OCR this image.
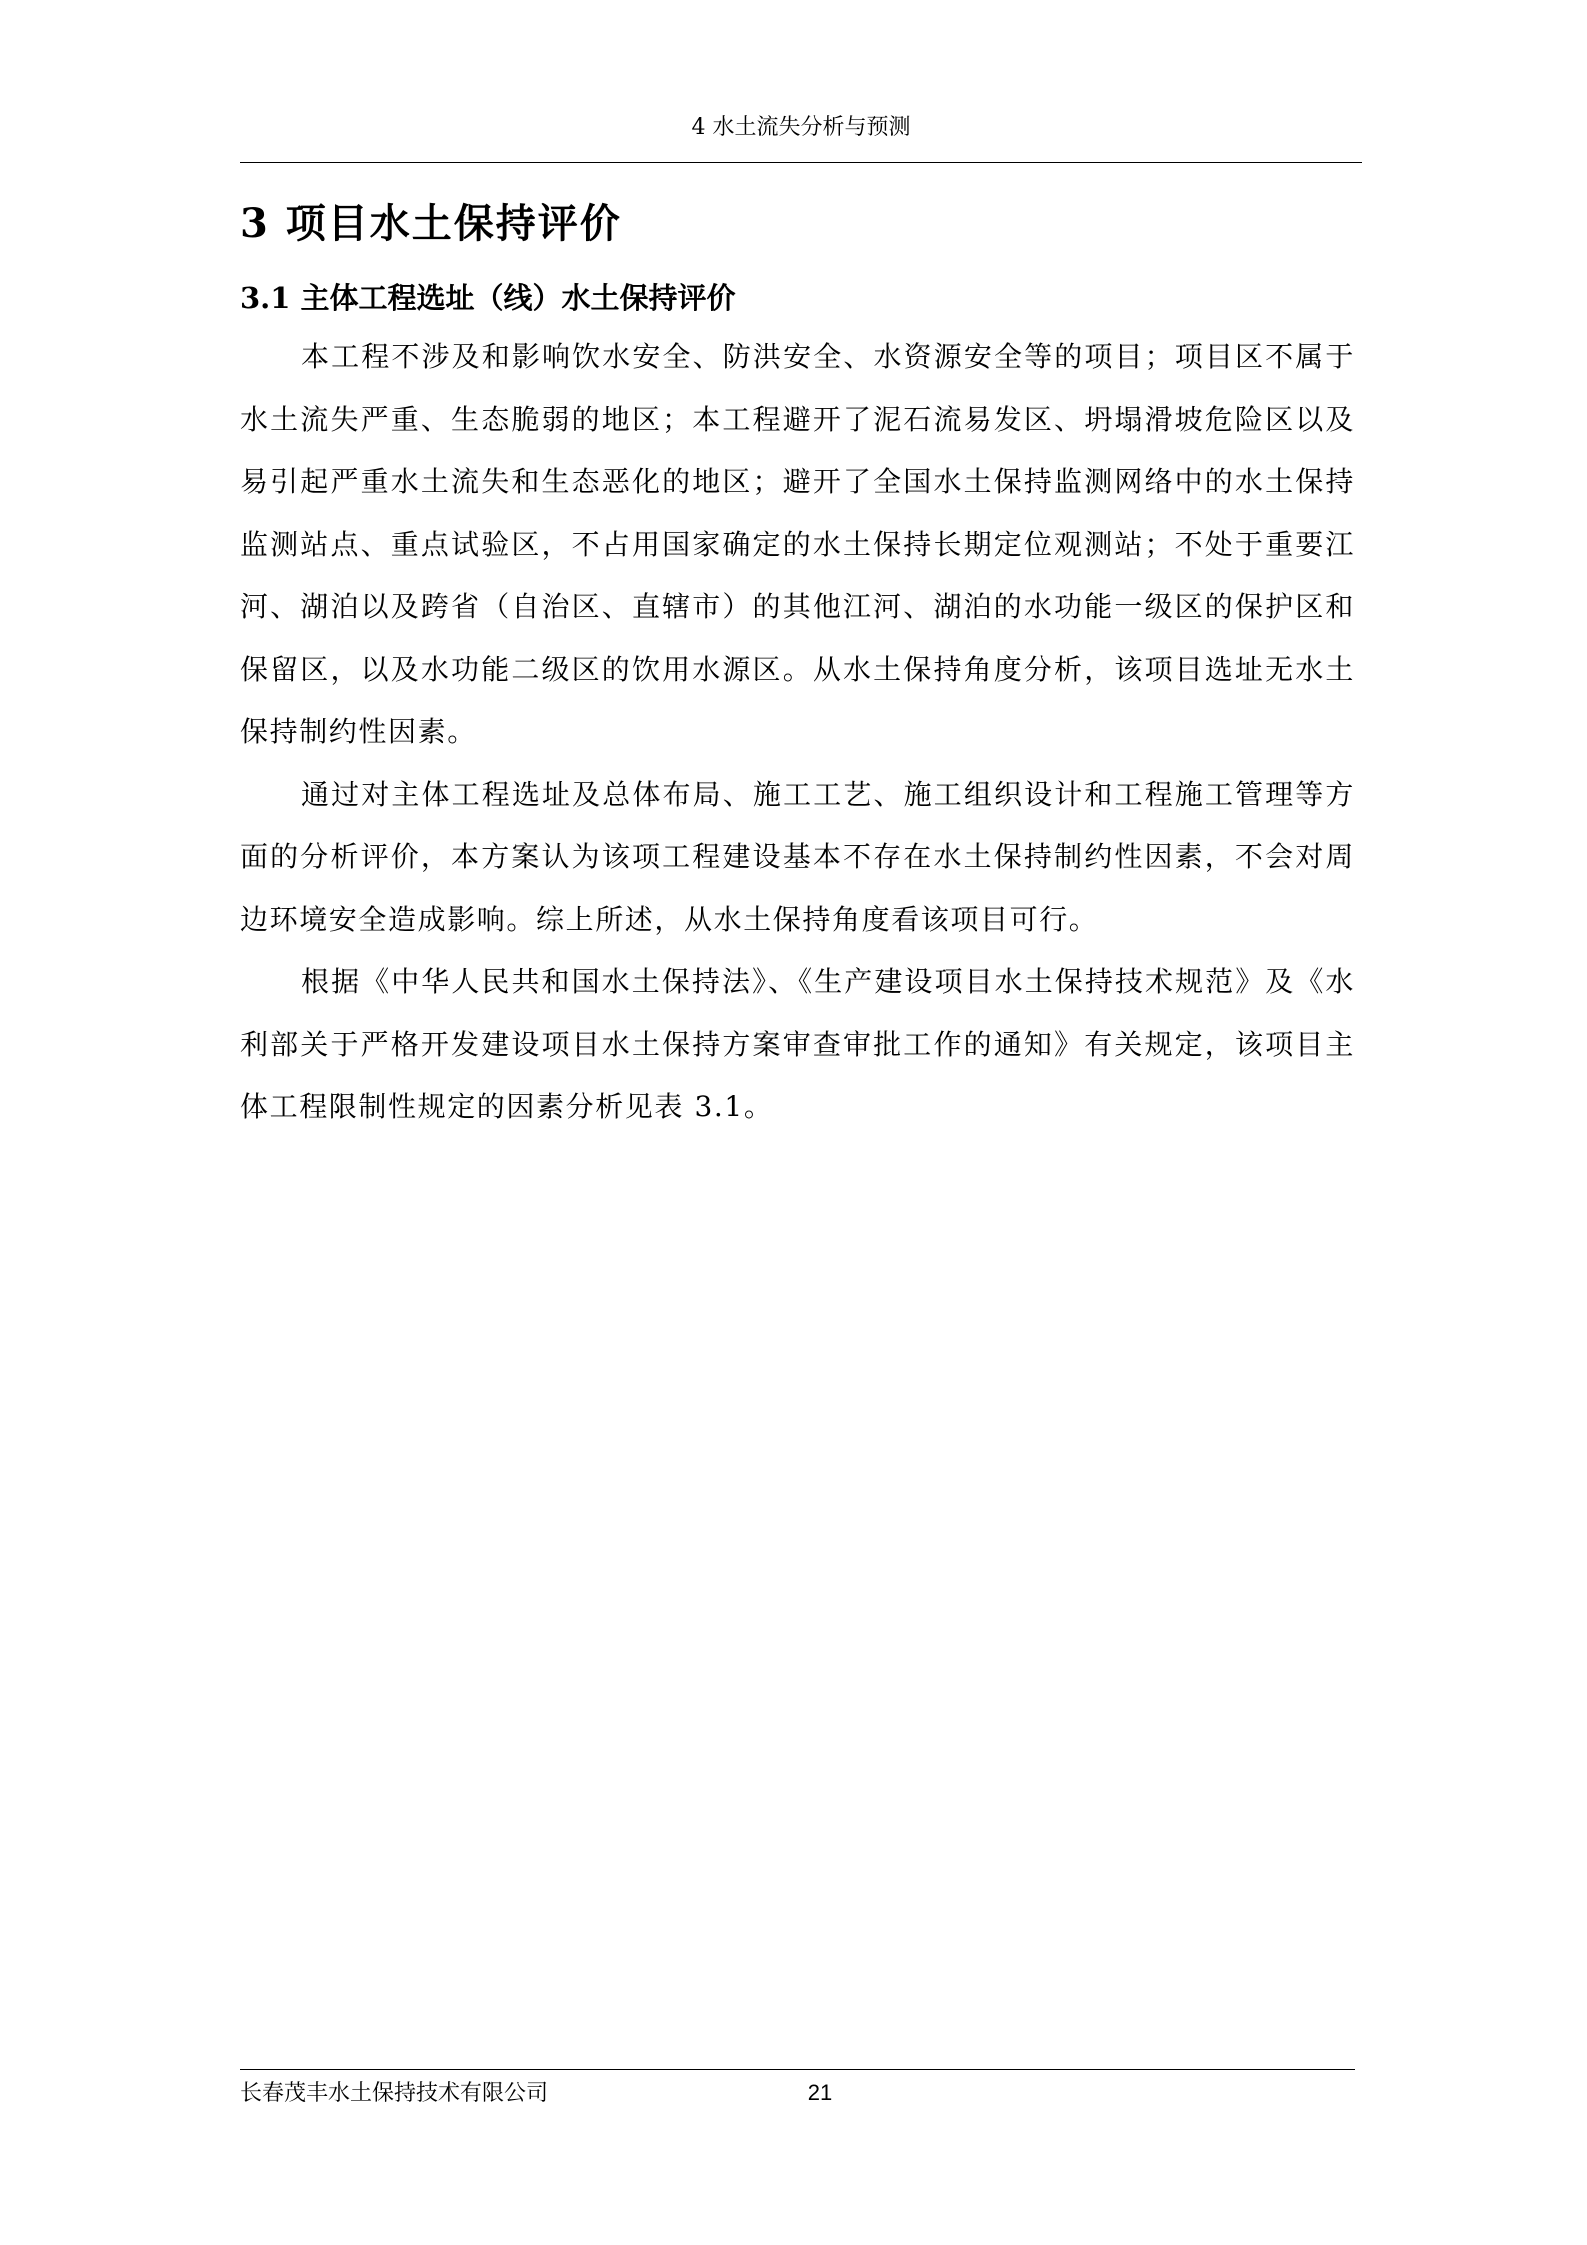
4 水土流失分析与预测
3 项目水土保持评价
3.1 主体工程选址（线）水土保持评价

本工程不涉及和影响饮水安全、防洪安全、水资源安全等的项目；项目区不属于水土流失严重、生态脆弱的地区；本工程避开了泥石流易发区、坍塌滑坡危险区以及易引起严重水土流失和生态恶化的地区；避开了全国水土保持监测网络中的水土保持监测站点、重点试验区，不占用国家确定的水土保持长期定位观测站；不处于重要江河、湖泊以及跨省（自治区、直辖市）的其他江河、湖泊的水功能一级区的保护区和保留区，以及水功能二级区的饮用水源区。从水土保持角度分析，该项目选址无水土保持制约性因素。

通过对主体工程选址及总体布局、施工工艺、施工组织设计和工程施工管理等方面的分析评价，本方案认为该项工程建设基本不存在水土保持制约性因素，不会对周边环境安全造成影响。综上所述，从水土保持角度看该项目可行。

根据《中华人民共和国水土保持法》、《生产建设项目水土保持技术规范》及《水利部关于严格开发建设项目水土保持方案审查审批工作的通知》有关规定，该项目主体工程限制性规定的因素分析见表 3.1。

长春茂丰水土保持技术有限公司	21
